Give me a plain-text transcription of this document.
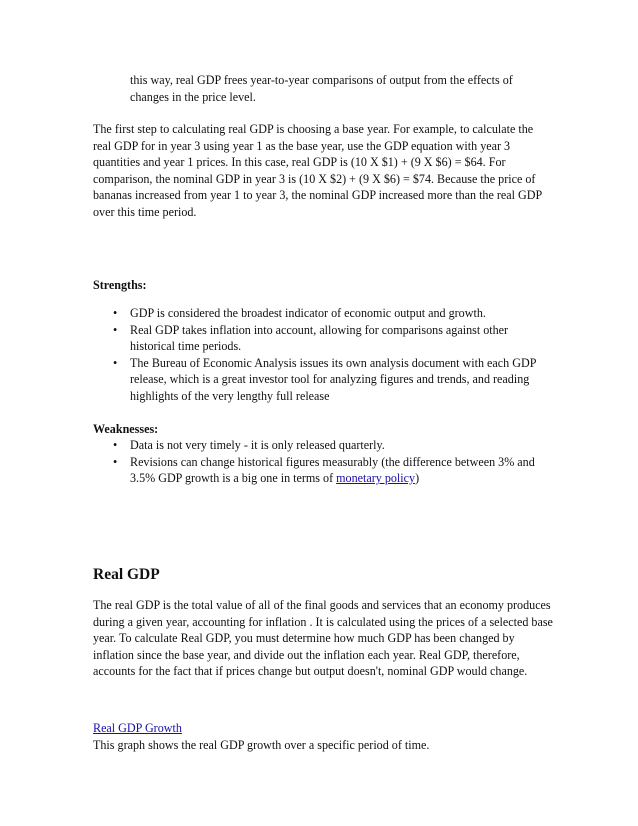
this way, real GDP frees year-to-year comparisons of output from the effects of changes in the price level.

The first step to calculating real GDP is choosing a base year. For example, to calculate the real GDP for in year 3 using year 1 as the base year, use the GDP equation with year 3 quantities and year 1 prices. In this case, real GDP is (10 X $1) + (9 X $6) = $64. For comparison, the nominal GDP in year 3 is (10 X $2) + (9 X $6) = $74. Because the price of bananas increased from year 1 to year 3, the nominal GDP increased more than the real GDP over this time period.

Strengths:

• GDP is considered the broadest indicator of economic output and growth.
• Real GDP takes inflation into account, allowing for comparisons against other historical time periods.
• The Bureau of Economic Analysis issues its own analysis document with each GDP release, which is a great investor tool for analyzing figures and trends, and reading highlights of the very lengthy full release

Weaknesses:

• Data is not very timely - it is only released quarterly.
• Revisions can change historical figures measurably (the difference between 3% and 3.5% GDP growth is a big one in terms of monetary policy)

Real GDP

The real GDP is the total value of all of the final goods and services that an economy produces during a given year, accounting for inflation . It is calculated using the prices of a selected base year. To calculate Real GDP, you must determine how much GDP has been changed by inflation since the base year, and divide out the inflation each year. Real GDP, therefore, accounts for the fact that if prices change but output doesn't, nominal GDP would change.

Real GDP Growth

This graph shows the real GDP growth over a specific period of time.
